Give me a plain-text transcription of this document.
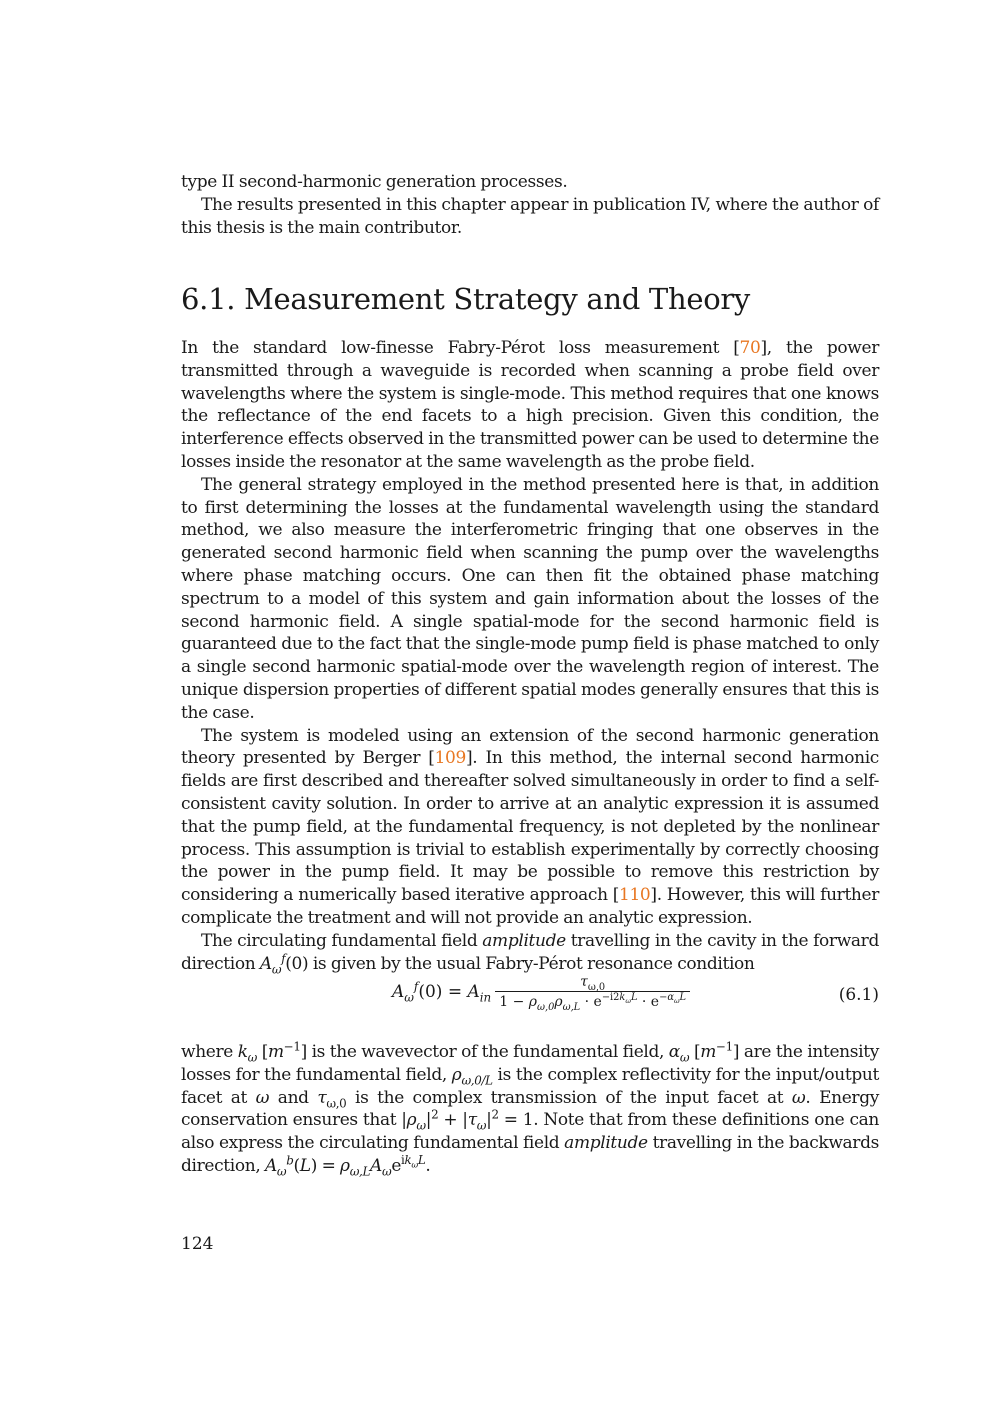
type II second-harmonic generation processes.

The results presented in this chapter appear in publication IV, where the author of this thesis is the main contributor.

6.1. Measurement Strategy and Theory

In the standard low-finesse Fabry-Pérot loss measurement [70], the power transmitted through a waveguide is recorded when scanning a probe field over wavelengths where the system is single-mode. This method requires that one knows the reflectance of the end facets to a high precision. Given this condition, the interference effects observed in the transmitted power can be used to determine the losses inside the resonator at the same wavelength as the probe field.

The general strategy employed in the method presented here is that, in addition to first determining the losses at the fundamental wavelength using the standard method, we also measure the interferometric fringing that one observes in the generated second harmonic field when scanning the pump over the wavelengths where phase matching occurs. One can then fit the obtained phase matching spectrum to a model of this system and gain information about the losses of the second harmonic field. A single spatial-mode for the second harmonic field is guaranteed due to the fact that the single-mode pump field is phase matched to only a single second harmonic spatial-mode over the wavelength region of interest. The unique dispersion properties of different spatial modes generally ensures that this is the case.

The system is modeled using an extension of the second harmonic generation theory presented by Berger [109]. In this method, the internal second harmonic fields are first described and thereafter solved simultaneously in order to find a self-consistent cavity solution. In order to arrive at an analytic expression it is assumed that the pump field, at the fundamental frequency, is not depleted by the nonlinear process. This assumption is trivial to establish experimentally by correctly choosing the power in the pump field. It may be possible to remove this restriction by considering a numerically based iterative approach [110]. However, this will further complicate the treatment and will not provide an analytic expression.

The circulating fundamental field amplitude travelling in the cavity in the forward direction $A_\omega^f(0)$ is given by the usual Fabry-Pérot resonance condition

$A_\omega^f(0) = A_{in} \frac{\tau_{\omega,0}}{1 - \rho_{\omega,0}\rho_{\omega,L} \cdot e^{-i2k_\omega L} \cdot e^{-\alpha_\omega L}}$	(6.1)

where $k_\omega$ $[m^{-1}]$ is the wavevector of the fundamental field, $\alpha_\omega$ $[m^{-1}]$ are the intensity losses for the fundamental field, $\rho_{\omega,0/L}$ is the complex reflectivity for the input/output facet at ω and $\tau_{\omega,0}$ is the complex transmission of the input facet at ω. Energy conservation ensures that $|\rho_\omega|^2 + |\tau_\omega|^2 = 1$. Note that from these definitions one can also express the circulating fundamental field amplitude travelling in the backwards direction, $A_\omega^b(L) = \rho_{\omega,L}A_\omega e^{ik_\omega L}$.

124
